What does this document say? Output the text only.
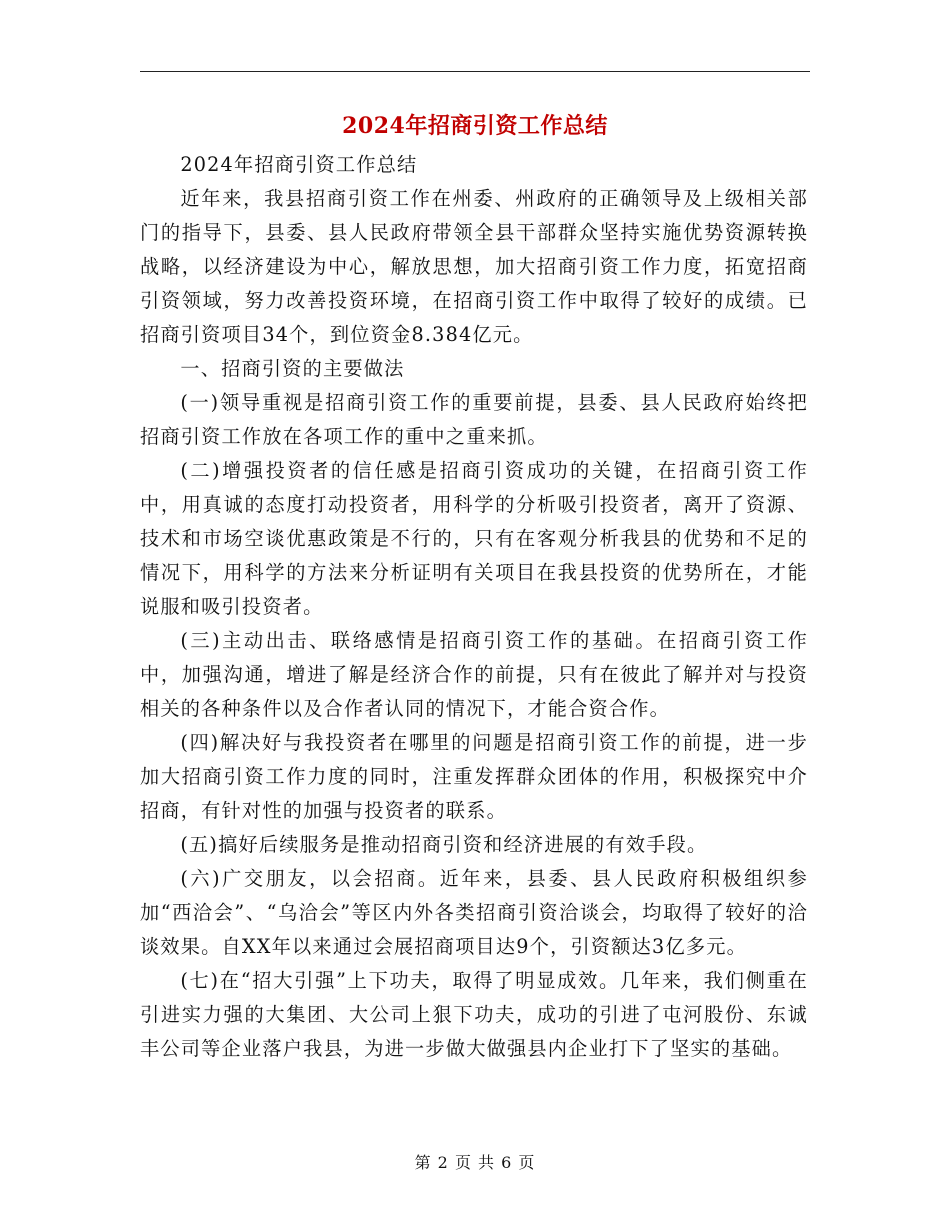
2024年招商引资工作总结

2024年招商引资工作总结

近年来，我县招商引资工作在州委、州政府的正确领导及上级相关部门的指导下，县委、县人民政府带领全县干部群众坚持实施优势资源转换战略，以经济建设为中心，解放思想，加大招商引资工作力度，拓宽招商引资领域，努力改善投资环境，在招商引资工作中取得了较好的成绩。已招商引资项目34个，到位资金8.384亿元。

一、招商引资的主要做法

(一)领导重视是招商引资工作的重要前提，县委、县人民政府始终把招商引资工作放在各项工作的重中之重来抓。

(二)增强投资者的信任感是招商引资成功的关键，在招商引资工作中，用真诚的态度打动投资者，用科学的分析吸引投资者，离开了资源、技术和市场空谈优惠政策是不行的，只有在客观分析我县的优势和不足的情况下，用科学的方法来分析证明有关项目在我县投资的优势所在，才能说服和吸引投资者。

(三)主动出击、联络感情是招商引资工作的基础。在招商引资工作中，加强沟通，增进了解是经济合作的前提，只有在彼此了解并对与投资相关的各种条件以及合作者认同的情况下，才能合资合作。

(四)解决好与我投资者在哪里的问题是招商引资工作的前提，进一步加大招商引资工作力度的同时，注重发挥群众团体的作用，积极探究中介招商，有针对性的加强与投资者的联系。

(五)搞好后续服务是推动招商引资和经济进展的有效手段。

(六)广交朋友，以会招商。近年来，县委、县人民政府积极组织参加“西洽会”、“乌洽会”等区内外各类招商引资洽谈会，均取得了较好的洽谈效果。自XX年以来通过会展招商项目达9个，引资额达3亿多元。

(七)在“招大引强”上下功夫，取得了明显成效。几年来，我们侧重在引进实力强的大集团、大公司上狠下功夫，成功的引进了屯河股份、东诚丰公司等企业落户我县，为进一步做大做强县内企业打下了坚实的基础。

第 2 页 共 6 页
